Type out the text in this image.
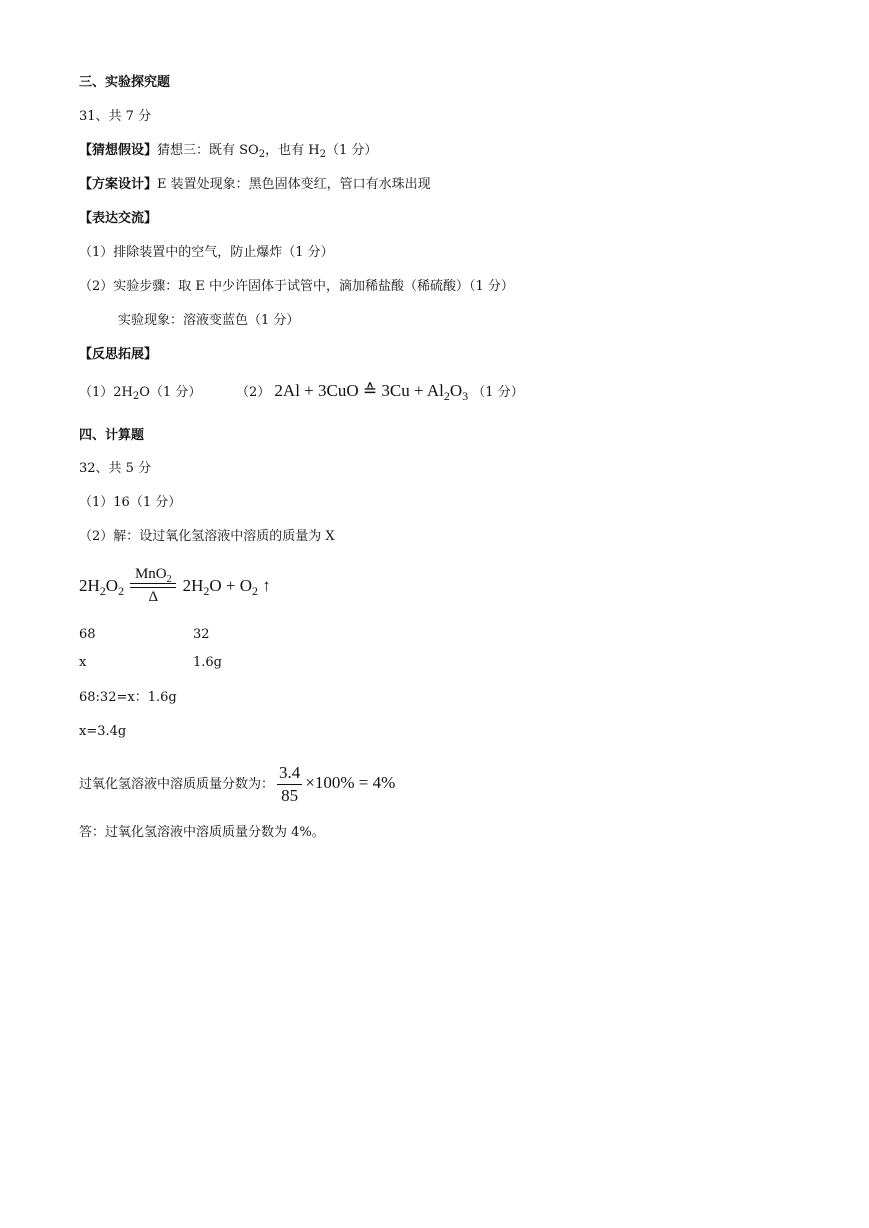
三、实验探究题
31、共 7 分
【猜想假设】猜想三：既有 $SO_2$，也有 $H_2(1$ 分）
【方案设计】E 装置处现象：黑色固体变红，管口有水珠出现
【表达交流】
（1）排除装置中的空气，防止爆炸（1 分）
（2）实验步骤：取 E 中少许固体于试管中，滴加稀盐酸（稀硫酸）（1 分）
实验现象：溶液变蓝色（1 分）
【反思拓展】
$(1)2H_2O(1$ 分）	（2） 2Al + 3CuO ≙ $3Cu + Al_2O_3$ （1 分）
四、计算题
32、共 5 分
（1）16（1 分）
（2）解：设过氧化氢溶液中溶质的质量为 X
$2H_2O_2$
MnO$_2$
Δ
$2H_2O + O_2$ ↑
68	32
x	1.6g
68:32=x：1.6g
x=3.4g
过氧化氢溶液中溶质质量分数为： $\frac{3.4}{85} \times 100\% = 4\%$
答：过氧化氢溶液中溶质质量分数为 4%。
